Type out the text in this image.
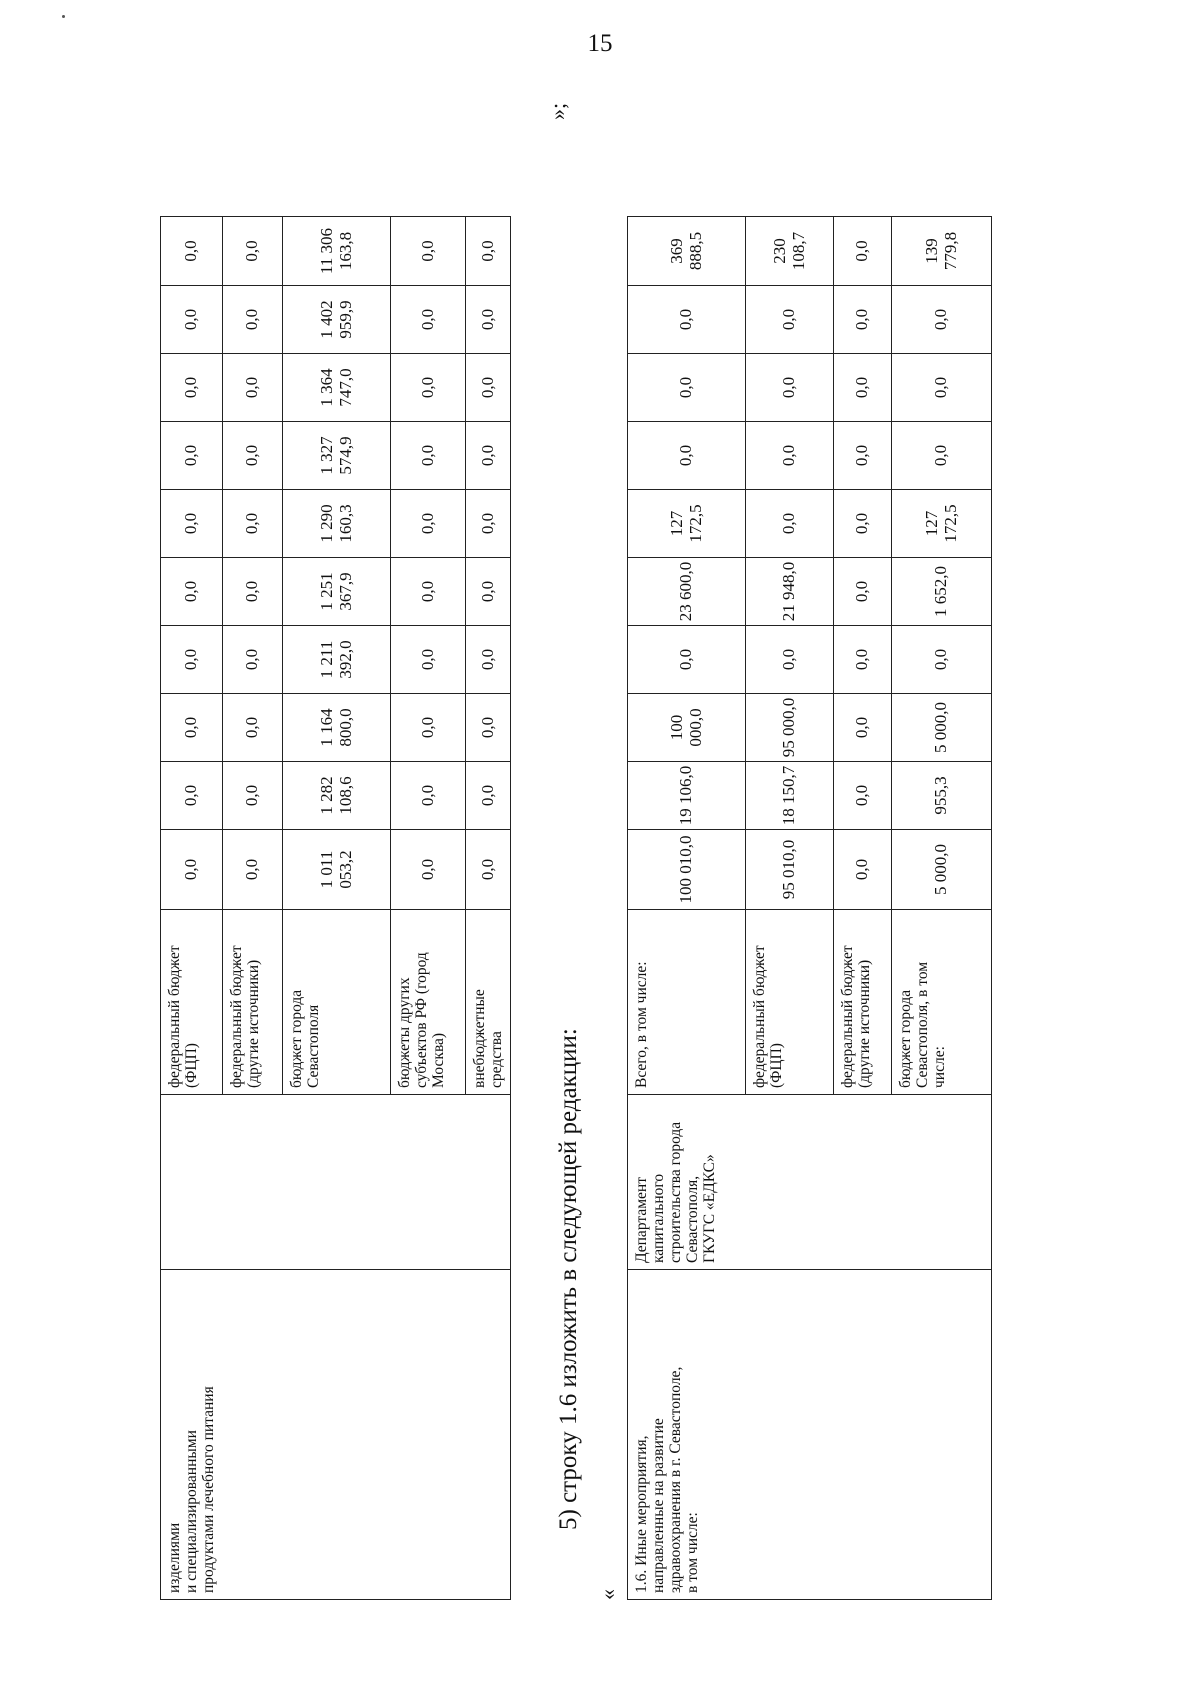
15
изделиями
и специализированными
продуктами лечебного питания		федеральный бюджет
(ФЦП)	0,0	0,0	0,0	0,0	0,0	0,0	0,0	0,0	0,0	0,0
		федеральный бюджет
(другие источники)	0,0	0,0	0,0	0,0	0,0	0,0	0,0	0,0	0,0	0,0
		бюджет города
Севастополя	1 011 053,2	1 282 108,6	1 164 800,0	1 211 392,0	1 251 367,9	1 290 160,3	1 327 574,9	1 364 747,0	1 402 959,9	11 306 163,8
		бюджеты других
субъектов РФ (город
Москва)	0,0	0,0	0,0	0,0	0,0	0,0	0,0	0,0	0,0	0,0
		внебюджетные
средства	0,0	0,0	0,0	0,0	0,0	0,0	0,0	0,0	0,0	0,0
5) строку 1.6 изложить в следующей редакции:
«
»;
1.6. Иные мероприятия,
направленные на развитие
здравоохранения в г. Севастополе,
в том числе:	Департамент капитального
строительства города
Севастополя,
ГКУГС «ЕДКС»	Всего, в том числе:	100 010,0	19 106,0	100 000,0	0,0	23 600,0	127 172,5	0,0	0,0	0,0	369 888,5
		федеральный бюджет
(ФЦП)	95 010,0	18 150,7	95 000,0	0,0	21 948,0	0,0	0,0	0,0	0,0	230 108,7
		федеральный бюджет
(другие источники)	0,0	0,0	0,0	0,0	0,0	0,0	0,0	0,0	0,0	0,0
		бюджет города
Севастополя, в том
числе:	5 000,0	955,3	5 000,0	0,0	1 652,0	127 172,5	0,0	0,0	0,0	139 779,8
